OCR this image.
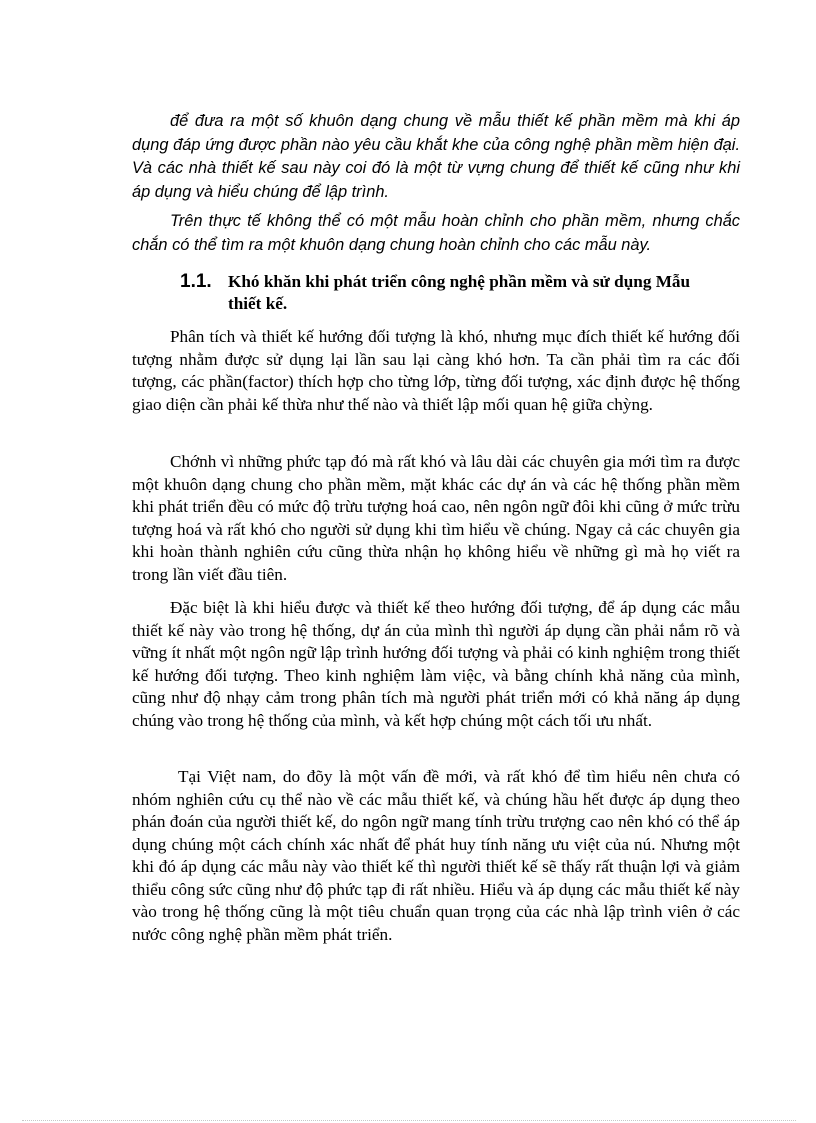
để đưa ra một số khuôn dạng chung về mẫu thiết kế phần mềm mà khi áp dụng đáp ứng được phần nào yêu cầu khắt khe của công nghệ phần mềm hiện đại. Và các nhà thiết kế sau này coi đó là một từ vựng chung để thiết kế cũng như khi áp dụng và hiểu chúng để lập trình.

Trên thực tế không thể có một mẫu hoàn chỉnh cho phần mềm, nhưng chắc chắn có thể tìm ra một khuôn dạng chung hoàn chỉnh cho các mẫu này.

1.1. Khó khăn khi phát triển công nghệ phần mềm và sử dụng Mẫu
thiết kế.

Phân tích và thiết kế hướng đối tượng là khó, nhưng mục đích thiết kế hướng đối tượng nhằm được sử dụng lại lần sau lại càng khó hơn. Ta cần phải tìm ra các đối tượng, các phần(factor) thích hợp cho từng lớp, từng đối tượng, xác định được hệ thống giao diện cần phải kế thừa như thế nào và thiết lập mối quan hệ giữa chỳng.

Chớnh vì những phức tạp đó mà rất khó và lâu dài các chuyên gia mới tìm ra được một khuôn dạng chung cho phần mềm, mặt khác các dự án và các hệ thống phần mềm khi phát triển đều có mức độ trừu tượng hoá cao, nên ngôn ngữ đôi khi cũng ở mức trừu tượng hoá và rất khó cho người sử dụng khi tìm hiểu về chúng. Ngay cả các chuyên gia khi hoàn thành nghiên cứu cũng thừa nhận họ không hiểu về những gì mà họ viết ra trong lần viết đầu tiên.

Đặc biệt là khi hiểu được và thiết kế theo hướng đối tượng, để áp dụng các mẫu thiết kế này vào trong hệ thống, dự án của mình thì người áp dụng cần phải nắm rõ và vững ít nhất một ngôn ngữ lập trình hướng đối tượng và phải có kinh nghiệm trong thiết kế hướng đối tượng. Theo kinh nghiệm làm việc, và bằng chính khả năng của mình, cũng như độ nhạy cảm trong phân tích mà người phát triển mới có khả năng áp dụng chúng vào trong hệ thống của mình, và kết hợp chúng một cách tối ưu nhất.

Tại Việt nam, do đõy là một vấn đề mới, và rất khó để tìm hiểu nên chưa có nhóm nghiên cứu cụ thể nào về các mẫu thiết kế, và chúng hầu hết được áp dụng theo phán đoán của người thiết kế, do ngôn ngữ mang tính trừu trượng cao nên khó có thể áp dụng chúng một cách chính xác nhất để phát huy tính năng ưu việt của nú. Nhưng một khi đó áp dụng các mẫu này vào thiết kế thì người thiết kế sẽ thấy rất thuận lợi và giảm thiểu công sức cũng như độ phức tạp đi rất nhiều. Hiểu và áp dụng các mẫu thiết kế này vào trong hệ thống cũng là một tiêu chuẩn quan trọng của các nhà lập trình viên ở các nước công nghệ phần mềm phát triển.
